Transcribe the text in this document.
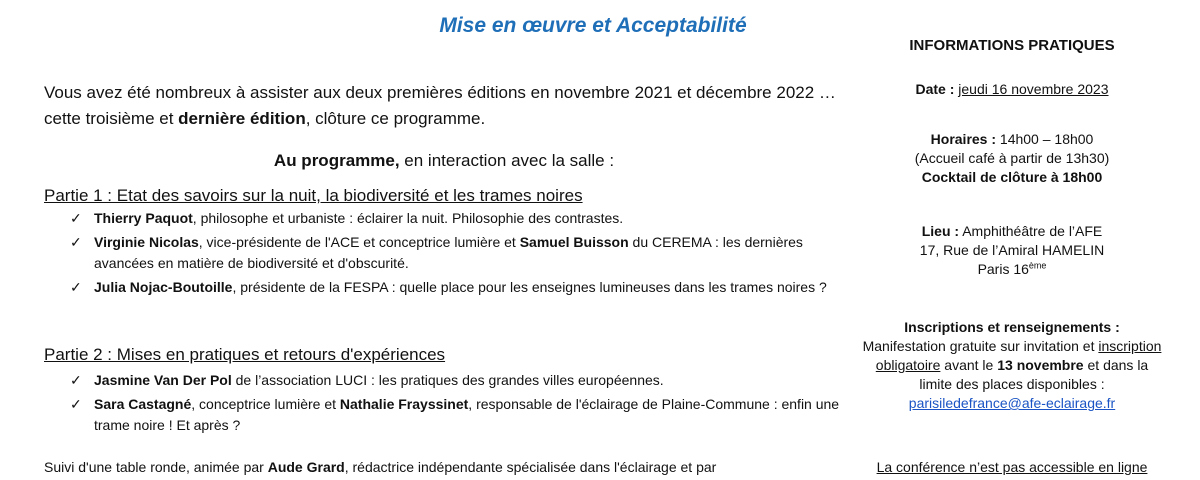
Mise en œuvre et Acceptabilité
Vous avez été nombreux à assister aux deux premières éditions en novembre 2021 et décembre 2022 … cette troisième et dernière édition, clôture ce programme.
Au programme, en interaction avec la salle :
Partie 1 : Etat des savoirs sur la nuit, la biodiversité et les trames noires
✓ Thierry Paquot, philosophe et urbaniste : éclairer la nuit. Philosophie des contrastes.
✓ Virginie Nicolas, vice-présidente de l'ACE et conceptrice lumière et Samuel Buisson du CEREMA : les dernières avancées en matière de biodiversité et d'obscurité.
✓ Julia Nojac-Boutoille, présidente de la FESPA : quelle place pour les enseignes lumineuses dans les trames noires ?
Partie 2 : Mises en pratiques et retours d'expériences
✓ Jasmine Van Der Pol de l’association LUCI : les pratiques des grandes villes européennes.
✓ Sara Castagné, conceptrice lumière et Nathalie Frayssinet, responsable de l'éclairage de Plaine-Commune : enfin une trame noire ! Et après ?
Suivi d'une table ronde, animée par Aude Grard, rédactrice indépendante spécialisée dans l'éclairage et par
INFORMATIONS PRATIQUES
Date : jeudi 16 novembre 2023
Horaires : 14h00 – 18h00
(Accueil café à partir de 13h30)
Cocktail de clôture à 18h00
Lieu : Amphithéâtre de l’AFE
17, Rue de l’Amiral HAMELIN
Paris 16ème
Inscriptions et renseignements :
Manifestation gratuite sur invitation et inscription obligatoire avant le 13 novembre et dans la limite des places disponibles :
parisiledefrance@afe-eclairage.fr
La conférence n’est pas accessible en ligne
